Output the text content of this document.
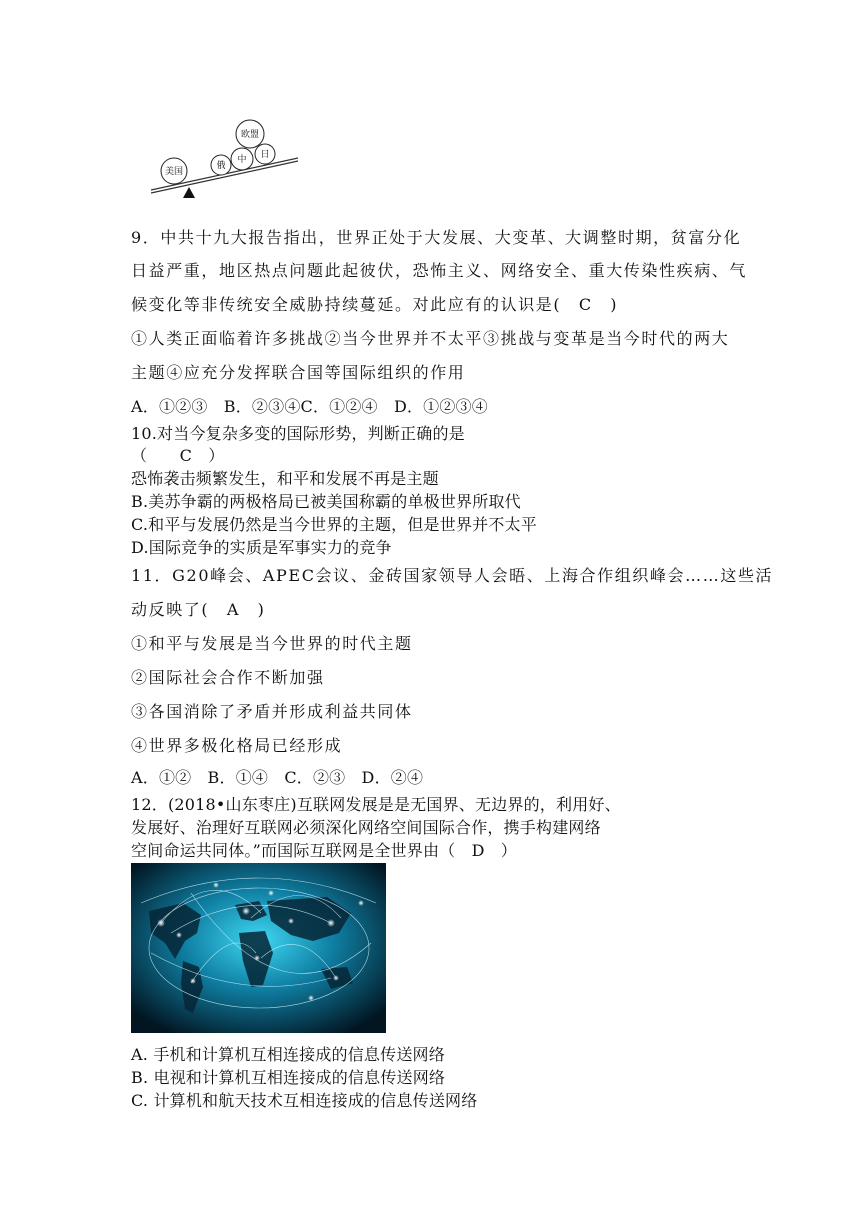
美国
俄
中 日
欧盟
9．中共十九大报告指出，世界正处于大发展、大变革、大调整时期，贫富分化
日益严重，地区热点问题此起彼伏，恐怖主义、网络安全、重大传染性疾病、气
候变化等非传统安全威胁持续蔓延。对此应有的认识是(　C　)
①人类正面临着许多挑战②当今世界并不太平③挑战与变革是当今时代的两大
主题④应充分发挥联合国等国际组织的作用
A．①②③　B．②③④C．①②④　D．①②③④
10.对当今复杂多变的国际形势，判断正确的是
（　　C　）
恐怖袭击频繁发生，和平和发展不再是主题
B.美苏争霸的两极格局已被美国称霸的单极世界所取代
C.和平与发展仍然是当今世界的主题，但是世界并不太平
D.国际竞争的实质是军事实力的竞争
11．G20峰会、APEC会议、金砖国家领导人会晤、上海合作组织峰会……这些活
动反映了(　A　)
①和平与发展是当今世界的时代主题
②国际社会合作不断加强
③各国消除了矛盾并形成利益共同体
④世界多极化格局已经形成
A．①②　B．①④　C．②③　D．②④
12．(2018•山东枣庄)互联网发展是是无国界、无边界的，利用好、
发展好、治理好互联网必须深化网络空间国际合作，携手构建网络
空间命运共同体。”而国际互联网是全世界由（　D　）
A. 手机和计算机互相连接成的信息传送网络
B. 电视和计算机互相连接成的信息传送网络
C. 计算机和航天技术互相连接成的信息传送网络
